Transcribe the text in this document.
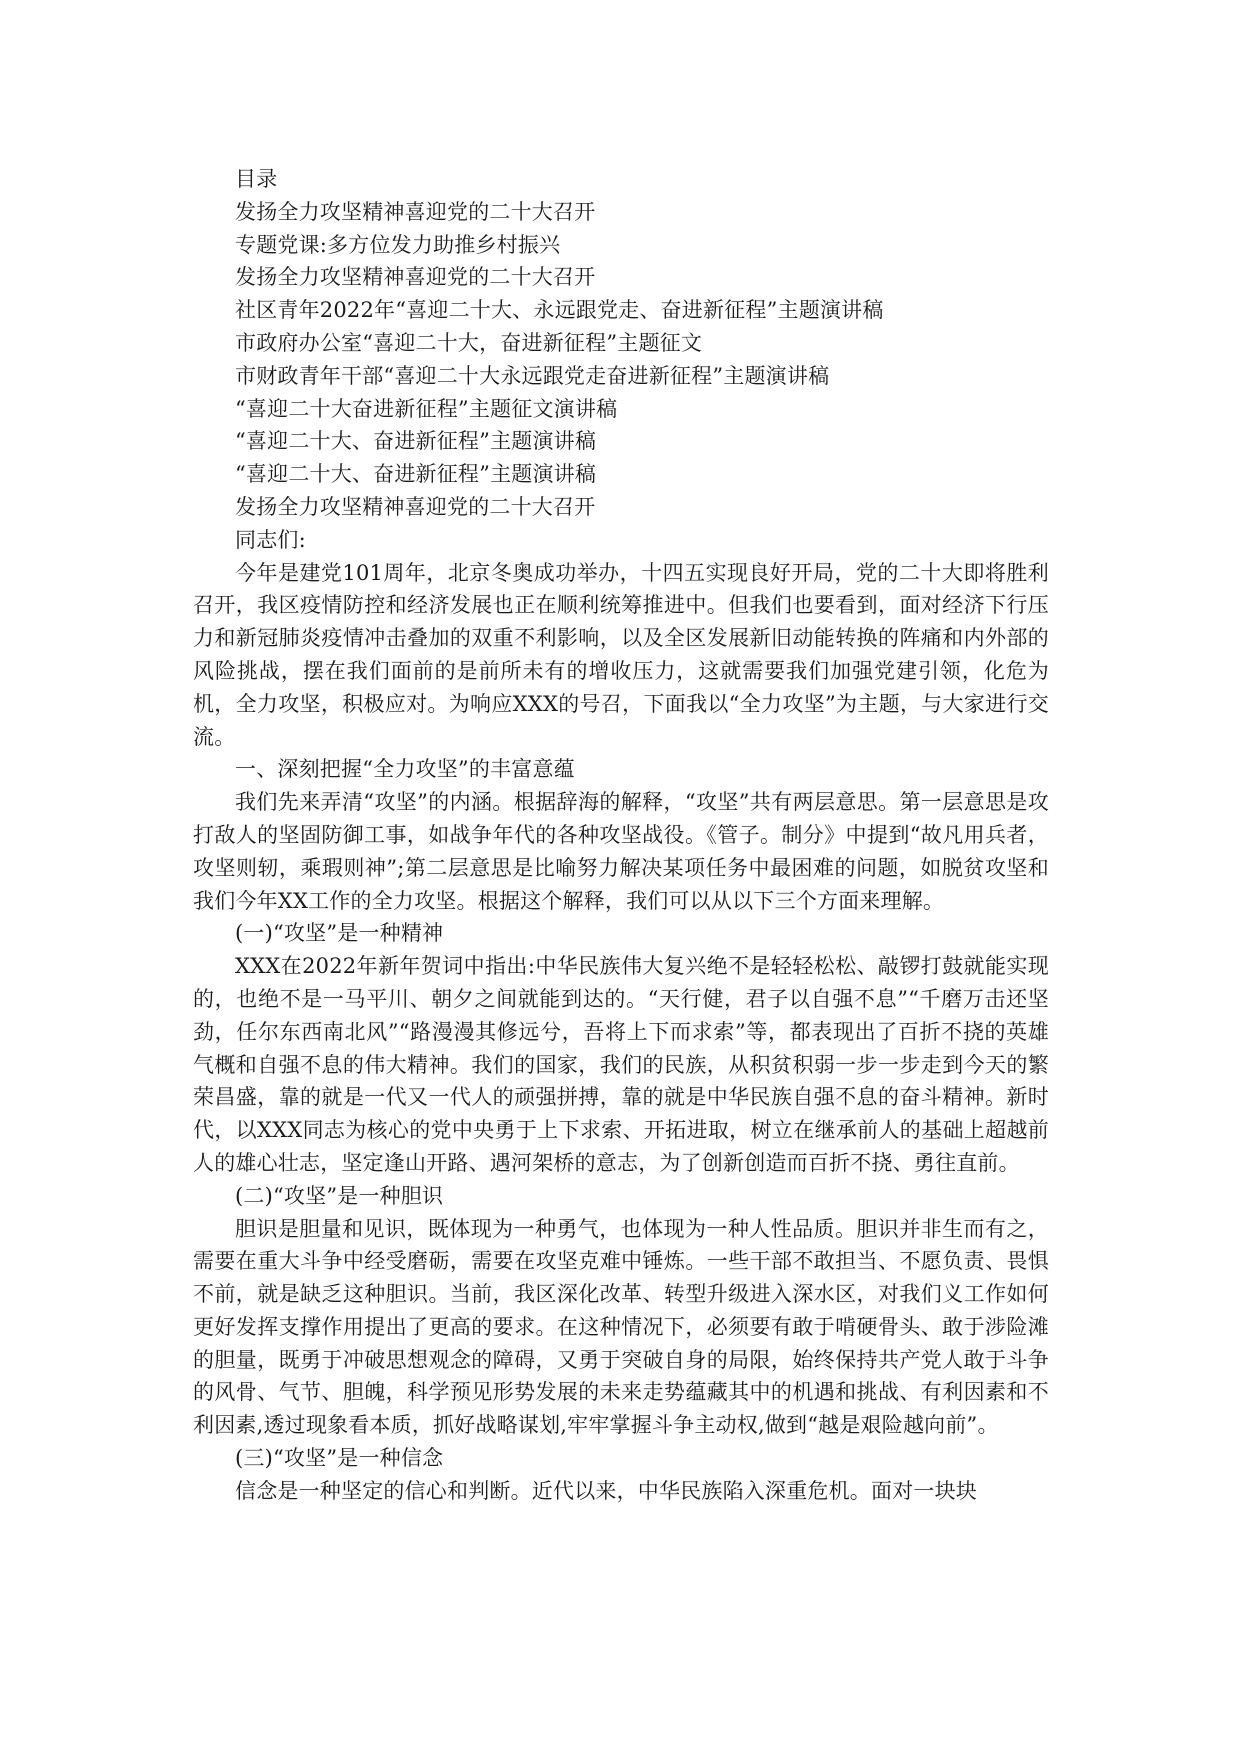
目录
发扬全力攻坚精神喜迎党的二十大召开
专题党课:多方位发力助推乡村振兴
发扬全力攻坚精神喜迎党的二十大召开
社区青年2022年“喜迎二十大、永远跟党走、奋进新征程”主题演讲稿
市政府办公室“喜迎二十大，奋进新征程”主题征文
市财政青年干部“喜迎二十大永远跟党走奋进新征程”主题演讲稿
“喜迎二十大奋进新征程”主题征文演讲稿
“喜迎二十大、奋进新征程”主题演讲稿
“喜迎二十大、奋进新征程”主题演讲稿
发扬全力攻坚精神喜迎党的二十大召开
同志们:

今年是建党101周年，北京冬奥成功举办，十四五实现良好开局，党的二十大即将胜利召开，我区疫情防控和经济发展也正在顺利统筹推进中。但我们也要看到，面对经济下行压力和新冠肺炎疫情冲击叠加的双重不利影响，以及全区发展新旧动能转换的阵痛和内外部的风险挑战，摆在我们面前的是前所未有的增收压力，这就需要我们加强党建引领，化危为机，全力攻坚，积极应对。为响应XXX的号召，下面我以“全力攻坚”为主题，与大家进行交流。

一、深刻把握“全力攻坚”的丰富意蕴

我们先来弄清“攻坚”的内涵。根据辞海的解释，“攻坚”共有两层意思。第一层意思是攻打敌人的坚固防御工事，如战争年代的各种攻坚战役。《管子。制分》中提到“故凡用兵者，攻坚则轫，乘瑕则神”;第二层意思是比喻努力解决某项任务中最困难的问题，如脱贫攻坚和我们今年XX工作的全力攻坚。根据这个解释，我们可以从以下三个方面来理解。

(一)“攻坚”是一种精神

XXX在2022年新年贺词中指出:中华民族伟大复兴绝不是轻轻松松、敲锣打鼓就能实现的，也绝不是一马平川、朝夕之间就能到达的。“天行健，君子以自强不息”“千磨万击还坚劲，任尔东西南北风”“路漫漫其修远兮，吾将上下而求索”等，都表现出了百折不挠的英雄气概和自强不息的伟大精神。我们的国家，我们的民族，从积贫积弱一步一步走到今天的繁荣昌盛，靠的就是一代又一代人的顽强拼搏，靠的就是中华民族自强不息的奋斗精神。新时代，以XXX同志为核心的党中央勇于上下求索、开拓进取，树立在继承前人的基础上超越前人的雄心壮志，坚定逢山开路、遇河架桥的意志，为了创新创造而百折不挠、勇往直前。

(二)“攻坚”是一种胆识

胆识是胆量和见识，既体现为一种勇气，也体现为一种人性品质。胆识并非生而有之，需要在重大斗争中经受磨砺，需要在攻坚克难中锤炼。一些干部不敢担当、不愿负责、畏惧不前，就是缺乏这种胆识。当前，我区深化改革、转型升级进入深水区，对我们义工作如何更好发挥支撑作用提出了更高的要求。在这种情况下，必须要有敢于啃硬骨头、敢于涉险滩的胆量，既勇于冲破思想观念的障碍，又勇于突破自身的局限，始终保持共产党人敢于斗争的风骨、气节、胆魄，科学预见形势发展的未来走势蕴藏其中的机遇和挑战、有利因素和不利因素,透过现象看本质，抓好战略谋划,牢牢掌握斗争主动权,做到“越是艰险越向前”。

(三)“攻坚”是一种信念

信念是一种坚定的信心和判断。近代以来，中华民族陷入深重危机。面对一块块
